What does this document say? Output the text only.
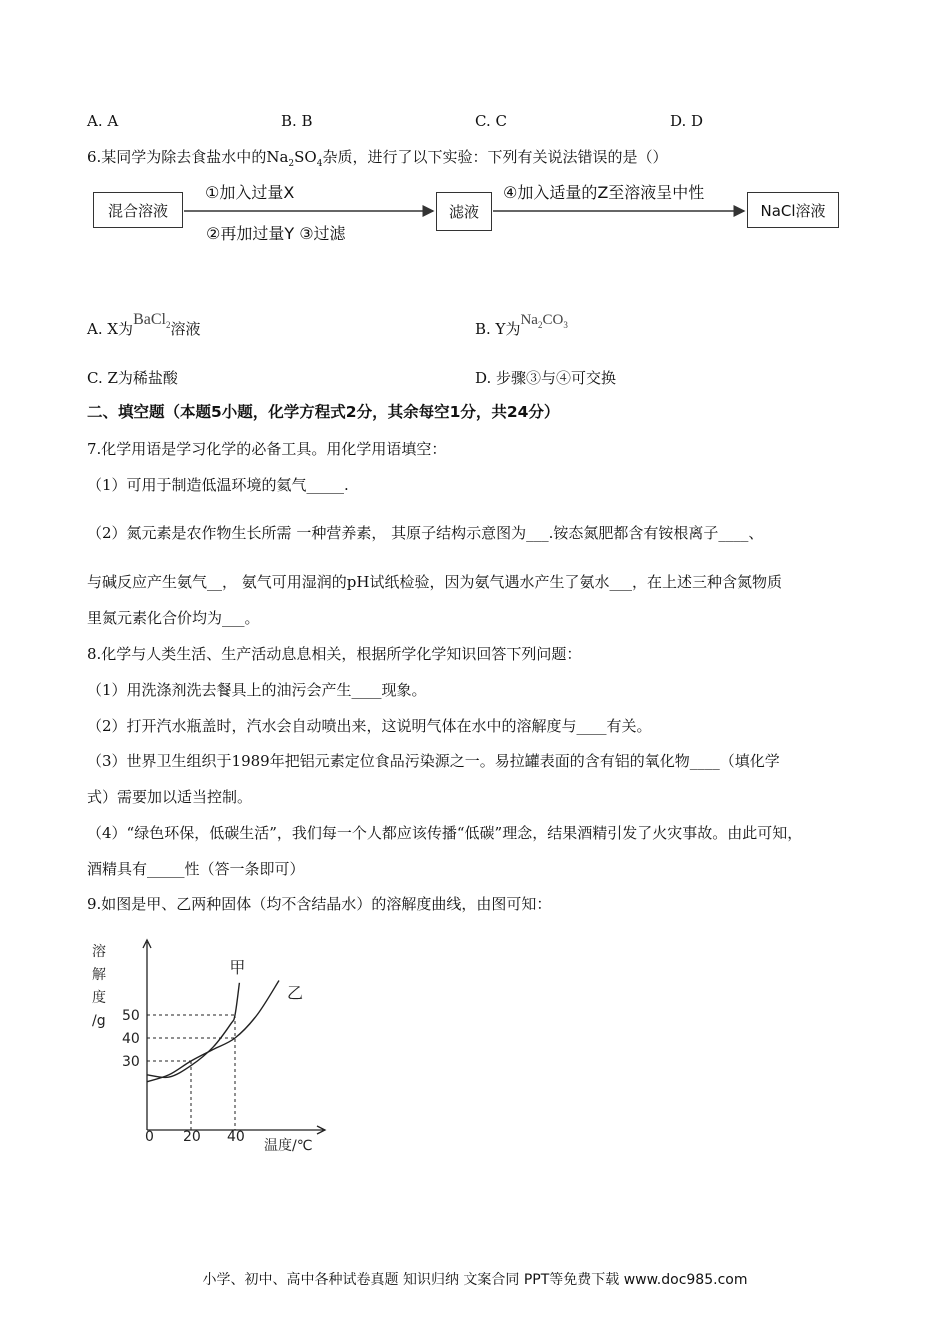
A. A	B. B	C. C	D. D
6.某同学为除去食盐水中的$Na_2SO_4$杂质，进行了以下实验：下列有关说法错误的是（）
混合溶液	滤液	NaCl溶液
①加入过量X
②再加过量Y ③过滤
④加入适量的Z至溶液呈中性
A. X为BaCl$_2$溶液	B. Y为$Na_2CO_3$
C. Z为稀盐酸	D. 步骤③与④可交换
二、填空题（本题5小题，化学方程式2分，其余每空1分，共24分）
7.化学用语是学习化学的必备工具。用化学用语填空：
（1）可用于制造低温环境的氦气_____.
（2）氮元素是农作物生长所需 一种营养素， 其原子结构示意图为___.铵态氮肥都含有铵根离子____、
与碱反应产生氨气__， 氨气可用湿润的pH试纸检验，因为氨气遇水产生了氨水___，在上述三种含氮物质
里氮元素化合价均为___。
8.化学与人类生活、生产活动息息相关，根据所学化学知识回答下列问题：
（1）用洗涤剂洗去餐具上的油污会产生____现象。
（2）打开汽水瓶盖时，汽水会自动喷出来，这说明气体在水中的溶解度与____有关。
（3）世界卫生组织于1989年把铝元素定位食品污染源之一。易拉罐表面的含有铝的氧化物____（填化学
式）需要加以适当控制。
（4）“绿色环保，低碳生活”，我们每一个人都应该传播“低碳”理念，结果酒精引发了火灾事故。由此可知，
酒精具有_____性（答一条即可）
9.如图是甲、乙两种固体（均不含结晶水）的溶解度曲线，由图可知：
溶
解
度
/g
温度/℃
0 20 40
30
40
50
甲
乙
小学、初中、高中各种试卷真题 知识归纳 文案合同 PPT等免费下载 www.doc985.com
